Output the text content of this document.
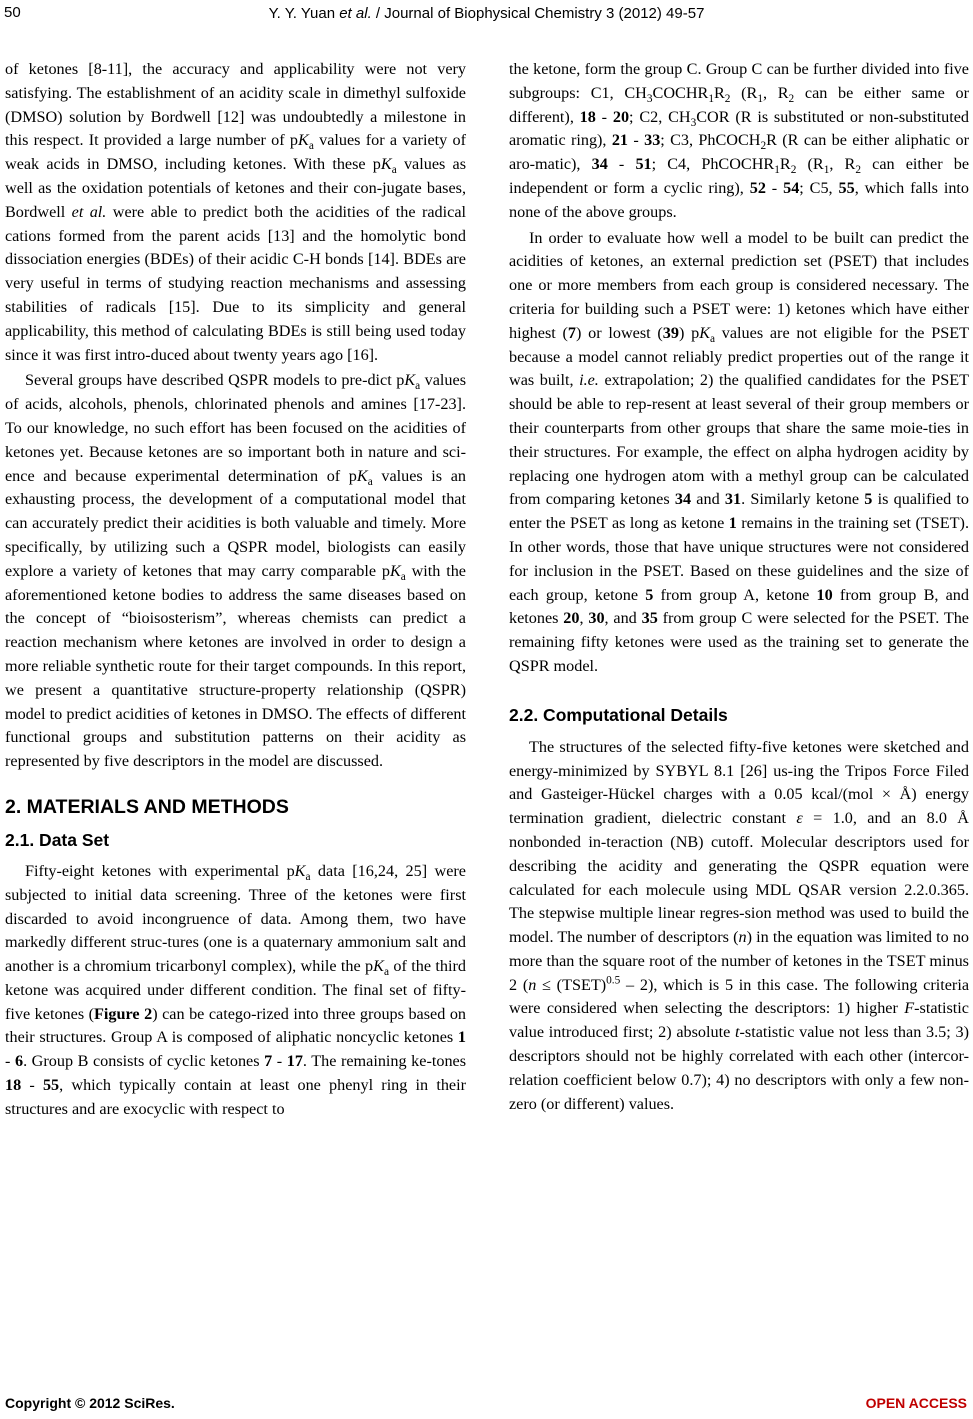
50	Y. Y. Yuan et al. / Journal of Biophysical Chemistry 3 (2012) 49-57

of ketones [8-11], the accuracy and applicability were not very satisfying. The establishment of an acidity scale in dimethyl sulfoxide (DMSO) solution by Bordwell [12] was undoubtedly a milestone in this respect. It provided a large number of $pK_a$ values for a variety of weak acids in DMSO, including ketones. With these $pK_a$ values as well as the oxidation potentials of ketones and their con-jugate bases, Bordwell et al. were able to predict both the acidities of the radical cations formed from the parent acids [13] and the homolytic bond dissociation energies (BDEs) of their acidic C-H bonds [14]. BDEs are very useful in terms of studying reaction mechanisms and assessing stabilities of radicals [15]. Due to its simplicity and general applicability, this method of calculating BDEs is still being used today since it was first intro-duced about twenty years ago [16].

Several groups have described QSPR models to pre-dict $pK_a$ values of acids, alcohols, phenols, chlorinated phenols and amines [17-23]. To our knowledge, no such effort has been focused on the acidities of ketones yet. Because ketones are so important both in nature and sci-ence and because experimental determination of $pK_a$ values is an exhausting process, the development of a computational model that can accurately predict their acidities is both valuable and timely. More specifically, by utilizing such a QSPR model, biologists can easily explore a variety of ketones that may carry comparable $pK_a$ with the aforementioned ketone bodies to address the same diseases based on the concept of “bioisosterism”, whereas chemists can predict a reaction mechanism where ketones are involved in order to design a more reliable synthetic route for their target compounds. In this report, we present a quantitative structure-property relationship (QSPR) model to predict acidities of ketones in DMSO. The effects of different functional groups and substitution patterns on their acidity as represented by five descriptors in the model are discussed.

2. MATERIALS AND METHODS
2.1. Data Set

Fifty-eight ketones with experimental $pK_a$ data [16,24, 25] were subjected to initial data screening. Three of the ketones were first discarded to avoid incongruence of data. Among them, two have markedly different struc-tures (one is a quaternary ammonium salt and another is a chromium tricarbonyl complex), while the $pK_a$ of the third ketone was acquired under different condition. The final set of fifty-five ketones (Figure 2) can be catego-rized into three groups based on their structures. Group A is composed of aliphatic noncyclic ketones 1 - 6. Group B consists of cyclic ketones 7 - 17. The remaining ke-tones 18 - 55, which typically contain at least one phenyl ring in their structures and are exocyclic with respect to

the ketone, form the group C. Group C can be further divided into five subgroups: C1, $CH_3COCHR_1R_2$ ($R_1$, $R_2$ can be either same or different), 18 - 20; C2, $CH_3COR$ (R is substituted or non-substituted aromatic ring), 21 - 33; C3, PhCOCH$_2$R (R can be either aliphatic or aro-matic), 34 - 51; C4, $PhCOCHR_1R_2$ ($R_1$, $R_2$ can either be independent or form a cyclic ring), 52 - 54; C5, 55, which falls into none of the above groups.

In order to evaluate how well a model to be built can predict the acidities of ketones, an external prediction set (PSET) that includes one or more members from each group is considered necessary. The criteria for building such a PSET were: 1) ketones which have either highest (7) or lowest (39) $pK_a$ values are not eligible for the PSET because a model cannot reliably predict properties out of the range it was built, i.e. extrapolation; 2) the qualified candidates for the PSET should be able to rep-resent at least several of their group members or their counterparts from other groups that share the same moie-ties in their structures. For example, the effect on alpha hydrogen acidity by replacing one hydrogen atom with a methyl group can be calculated from comparing ketones 34 and 31. Similarly ketone 5 is qualified to enter the PSET as long as ketone 1 remains in the training set (TSET). In other words, those that have unique structures were not considered for inclusion in the PSET. Based on these guidelines and the size of each group, ketone 5 from group A, ketone 10 from group B, and ketones 20, 30, and 35 from group C were selected for the PSET. The remaining fifty ketones were used as the training set to generate the QSPR model.

2.2. Computational Details

The structures of the selected fifty-five ketones were sketched and energy-minimized by SYBYL 8.1 [26] us-ing the Tripos Force Filed and Gasteiger-Hückel charges with a 0.05 kcal/(mol × Å) energy termination gradient, dielectric constant ε = 1.0, and an 8.0 Å nonbonded in-teraction (NB) cutoff. Molecular descriptors used for describing the acidity and generating the QSPR equation were calculated for each molecule using MDL QSAR version 2.2.0.365. The stepwise multiple linear regres-sion method was used to build the model. The number of descriptors (n) in the equation was limited to no more than the square root of the number of ketones in the TSET minus 2 (n ≤ (TSET)$^{0.5}$ – 2), which is 5 in this case. The following criteria were considered when selecting the descriptors: 1) higher F-statistic value introduced first; 2) absolute t-statistic value not less than 3.5; 3) descriptors should not be highly correlated with each other (intercor-relation coefficient below 0.7); 4) no descriptors with only a few non-zero (or different) values.

Copyright © 2012 SciRes.	OPEN ACCESS
